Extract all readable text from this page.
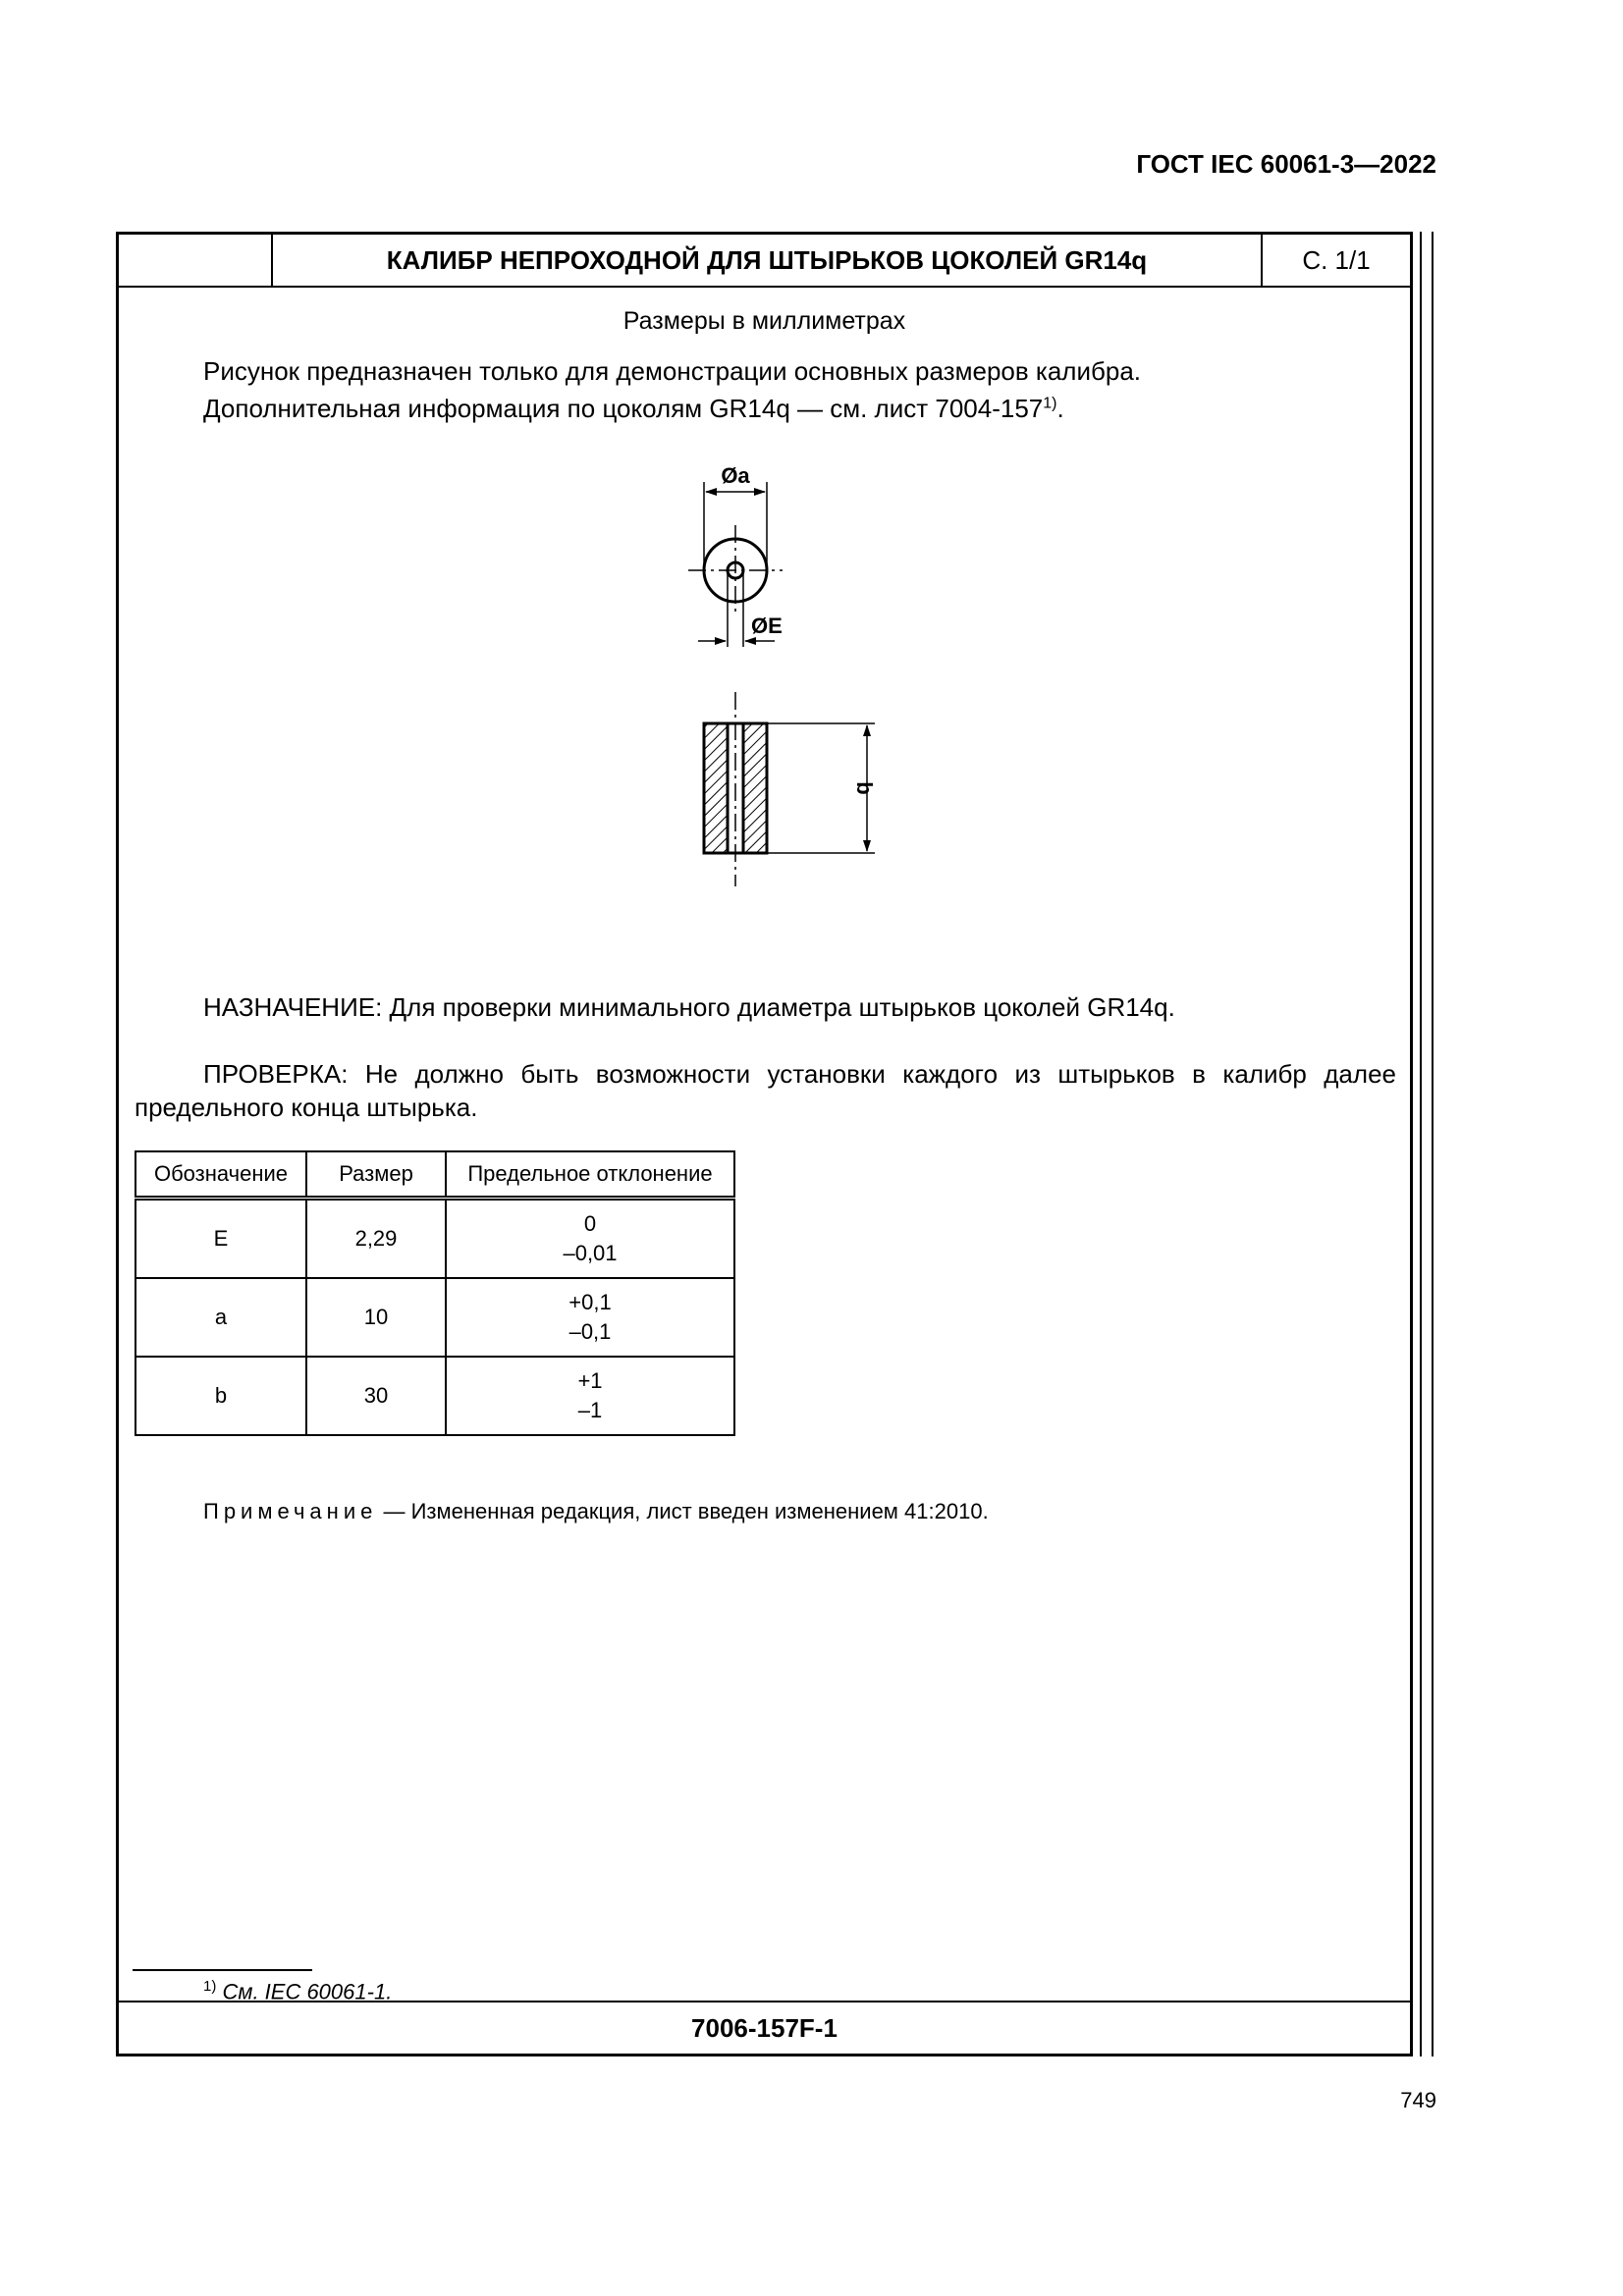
ГОСТ IEC 60061-3—2022
КАЛИБР НЕПРОХОДНОЙ ДЛЯ ШТЫРЬКОВ ЦОКОЛЕЙ GR14q	С. 1/1
Размеры в миллиметрах
Рисунок предназначен только для демонстрации основных размеров калибра.
Дополнительная информация по цоколям GR14q — см. лист 7004-157$^{1)}$.
Øa
ØE
b
НАЗНАЧЕНИЕ: Для проверки минимального диаметра штырьков цоколей GR14q.
ПРОВЕРКА: Не должно быть возможности установки каждого из штырьков в калибр далее предельного конца штырька.
Обозначение	Размер	Предельное отклонение
E	2,29	0
–0,01

a	10	+0,1
–0,1

b	30	+1
–1
Примечание — Измененная редакция, лист введен изменением 41:2010.
$^{1)}$ См. IEC 60061-1.
7006-157F-1
749
